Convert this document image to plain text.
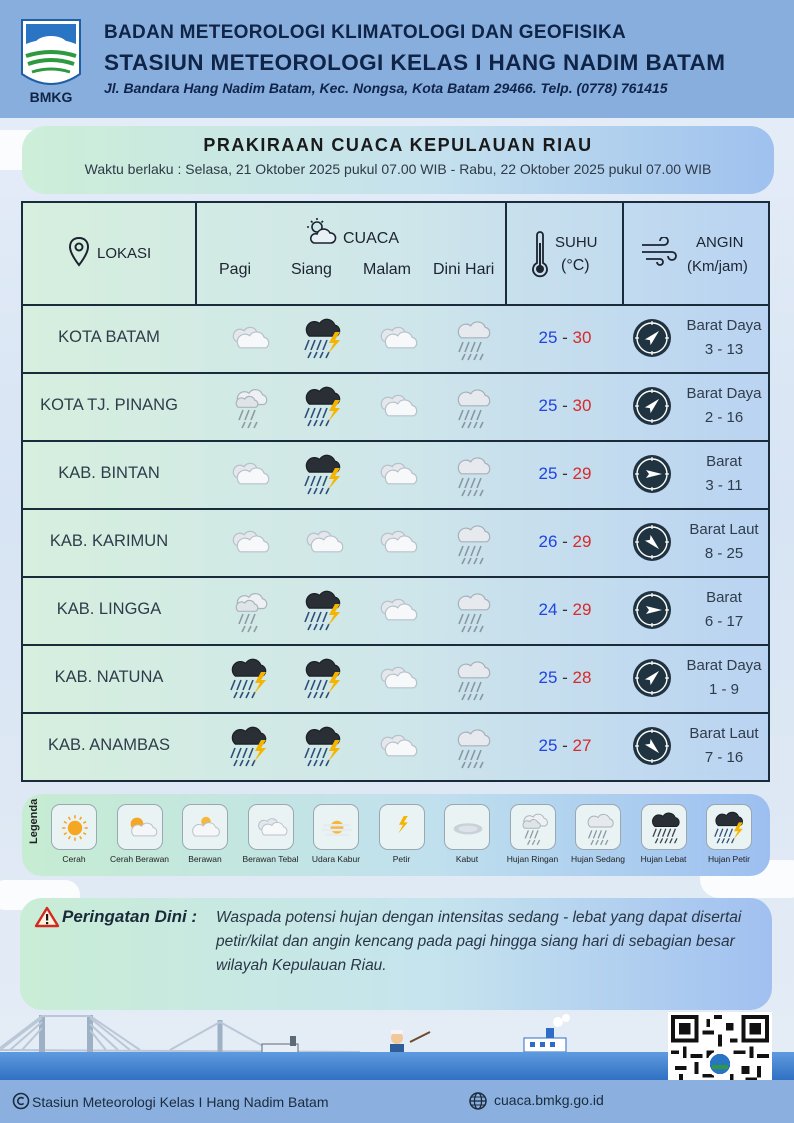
BMKG
BADAN METEOROLOGI KLIMATOLOGI DAN GEOFISIKA
STASIUN METEOROLOGI KELAS I HANG NADIM BATAM
Jl. Bandara Hang Nadim Batam, Kec. Nongsa, Kota Batam 29466. Telp. (0778) 761415
PRAKIRAAN CUACA KEPULAUAN RIAU
Waktu berlaku : Selasa, 21 Oktober 2025 pukul 07.00 WIB - Rabu, 22 Oktober 2025 pukul 07.00 WIB
LOKASI
CUACA
Pagi Siang Malam Dini Hari
SUHU
(°C)
ANGIN
(Km/jam)
KOTA BATAM	25 - 30
Barat Daya
3 - 13
KOTA TJ. PINANG	25 - 30
Barat Daya
2 - 16
KAB. BINTAN	25 - 29
Barat
3 - 11
KAB. KARIMUN	26 - 29
Barat Laut
8 - 25
KAB. LINGGA	24 - 29
Barat
6 - 17
KAB. NATUNA	25 - 28
Barat Daya
1 - 9
KAB. ANAMBAS	25 - 27
Barat Laut
7 - 16
Legenda
Cerah	Cerah Berawan	Berawan	Berawan Tebal	Udara Kabur	Petir	Kabut	Hujan Ringan	Hujan Sedang	Hujan Lebat	Hujan Petir
Peringatan Dini : Waspada potensi hujan dengan intensitas sedang - lebat yang dapat disertai petir/kilat dan angin kencang pada pagi hingga siang hari di sebagian besar wilayah Kepulauan Riau.
Stasiun Meteorologi Kelas I Hang Nadim Batam	cuaca.bmkg.go.id
